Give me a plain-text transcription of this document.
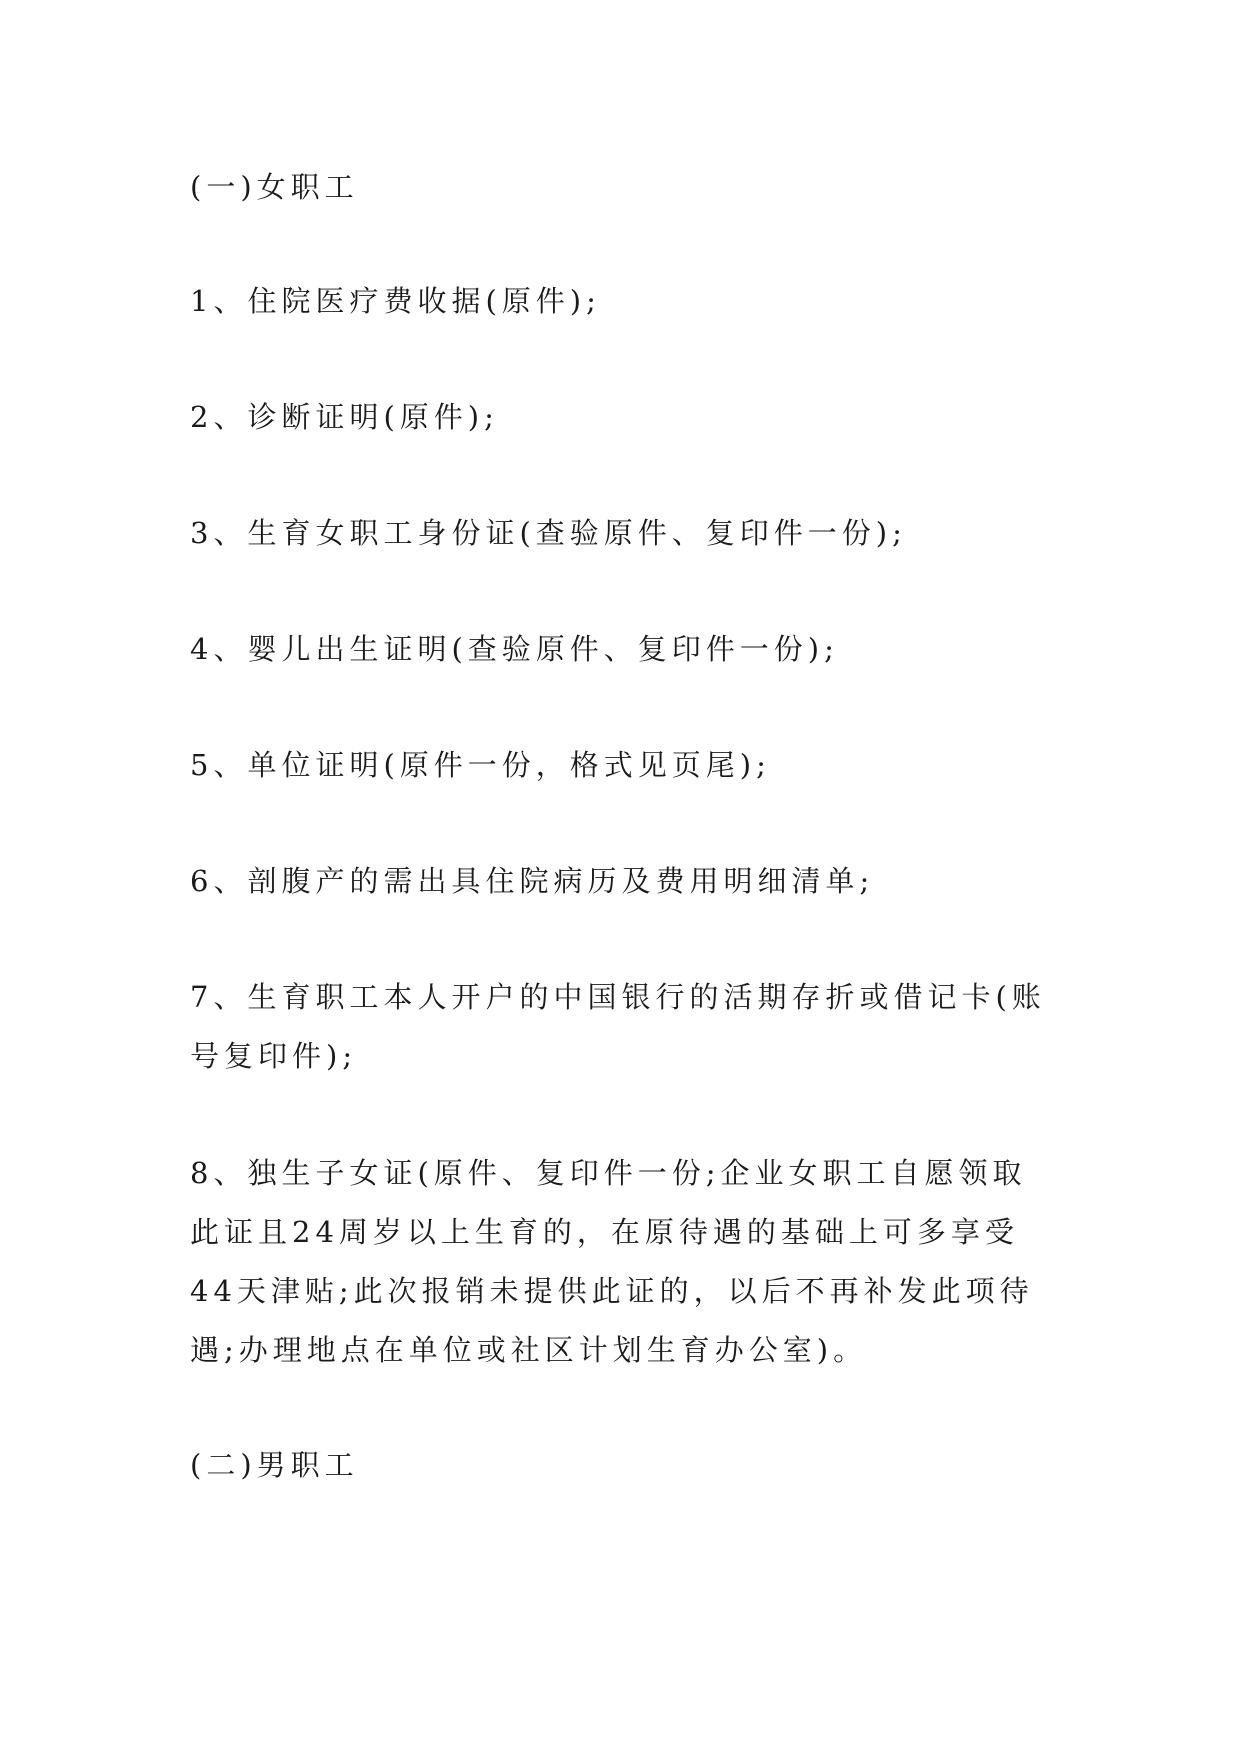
(一)女职工

1、住院医疗费收据(原件);

2、诊断证明(原件);

3、生育女职工身份证(查验原件、复印件一份);

4、婴儿出生证明(查验原件、复印件一份);

5、单位证明(原件一份，格式见页尾);

6、剖腹产的需出具住院病历及费用明细清单;

7、生育职工本人开户的中国银行的活期存折或借记卡(账号复印件);

8、独生子女证(原件、复印件一份;企业女职工自愿领取此证且24周岁以上生育的，在原待遇的基础上可多享受44天津贴;此次报销未提供此证的，以后不再补发此项待遇;办理地点在单位或社区计划生育办公室)。

(二)男职工
